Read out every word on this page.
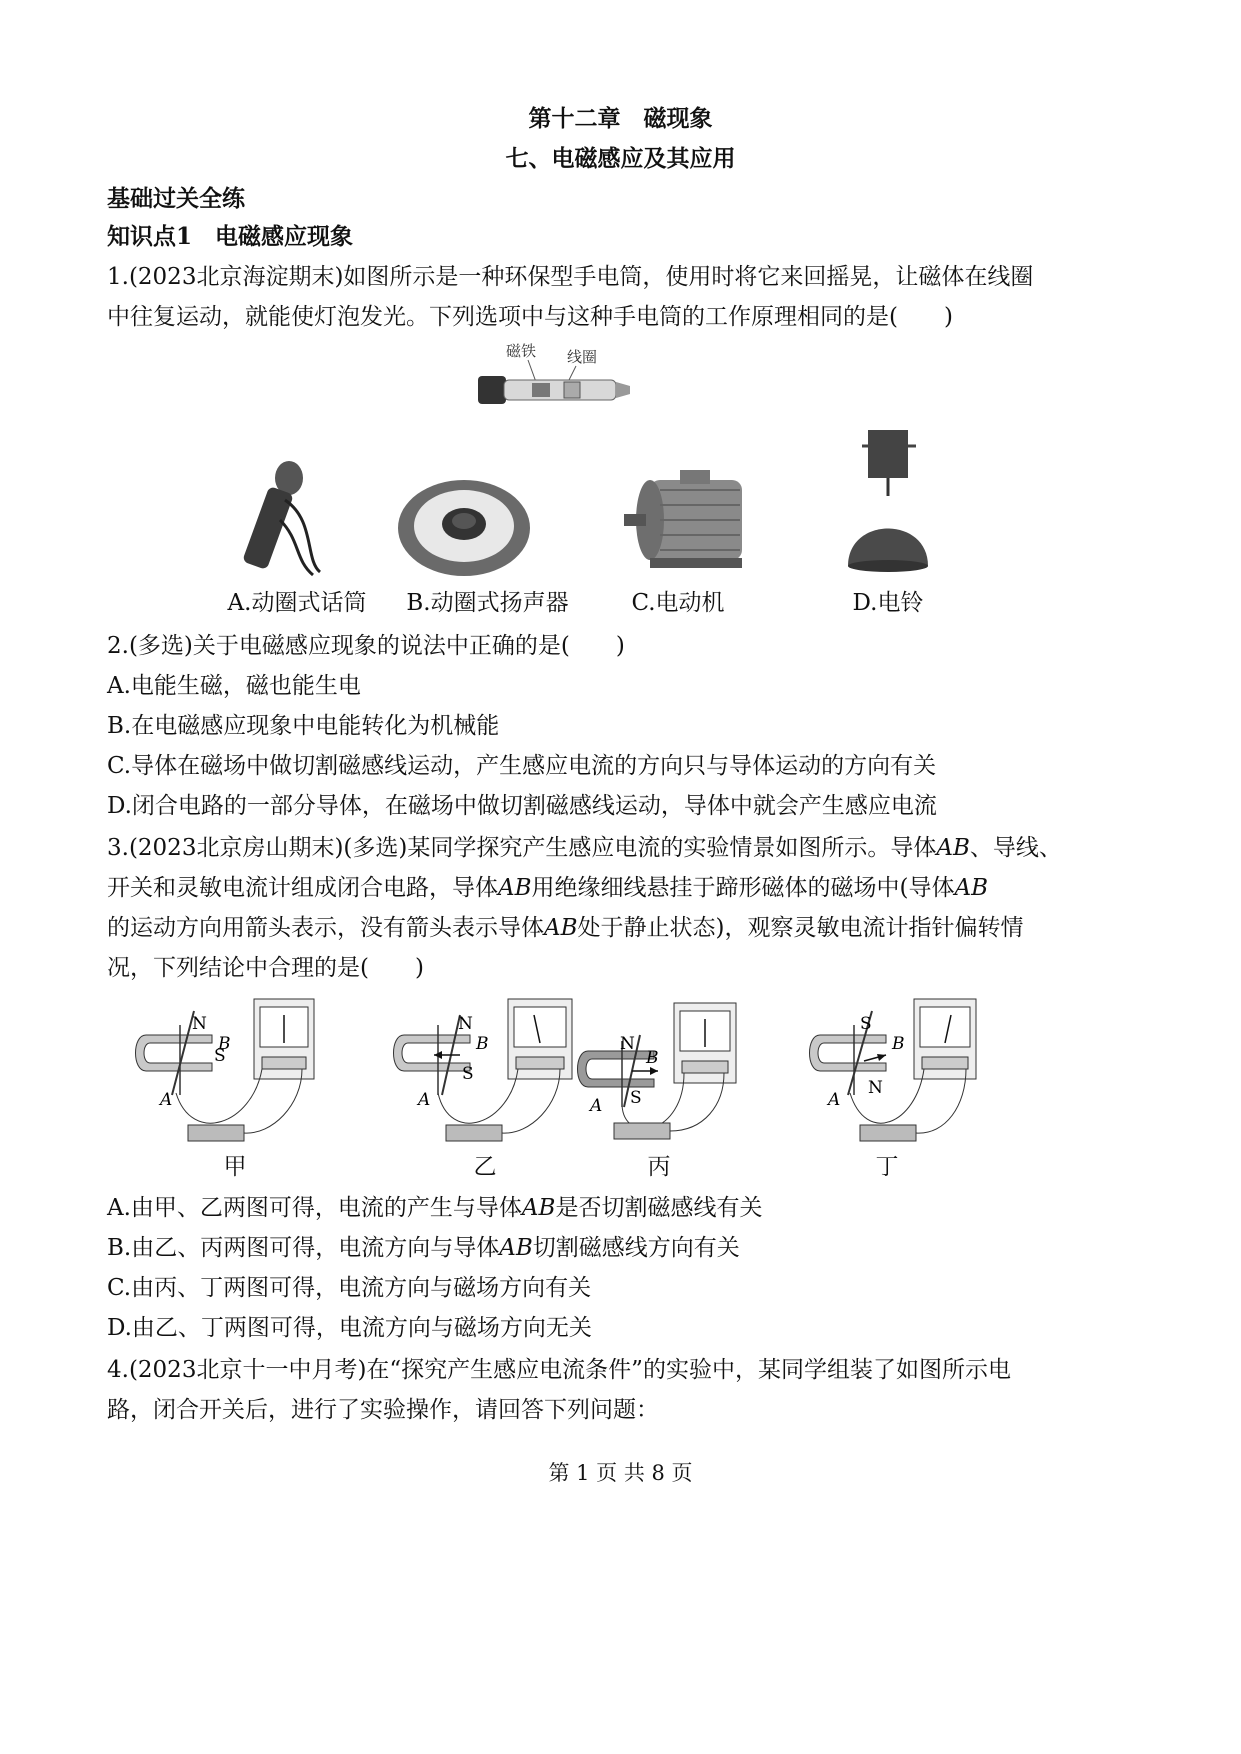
第十二章　磁现象
七、电磁感应及其应用
基础过关全练
知识点1　电磁感应现象
1.(2023北京海淀期末)如图所示是一种环保型手电筒，使用时将它来回摇晃，让磁体在线圈
中往复运动，就能使灯泡发光。下列选项中与这种手电筒的工作原理相同的是(　　)
磁铁 线圈
A.动圈式话筒 B.动圈式扬声器	C.电动机	D.电铃
2.(多选)关于电磁感应现象的说法中正确的是(　　)
A.电能生磁，磁也能生电
B.在电磁感应现象中电能转化为机械能
C.导体在磁场中做切割磁感线运动，产生感应电流的方向只与导体运动的方向有关
D.闭合电路的一部分导体，在磁场中做切割磁感线运动，导体中就会产生感应电流
3.(2023北京房山期末)(多选)某同学探究产生感应电流的实验情景如图所示。导体AB、导线、
开关和灵敏电流计组成闭合电路，导体AB用绝缘细线悬挂于蹄形磁体的磁场中(导体AB
的运动方向用箭头表示，没有箭头表示导体AB处于静止状态)，观察灵敏电流计指针偏转情
况，下列结论中合理的是(　　)
N
S
A
B
N
S
A
B	N
S
A
B
S
N
A
B
甲	乙	丙	丁
A.由甲、乙两图可得，电流的产生与导体AB是否切割磁感线有关
B.由乙、丙两图可得，电流方向与导体AB切割磁感线方向有关
C.由丙、丁两图可得，电流方向与磁场方向有关
D.由乙、丁两图可得，电流方向与磁场方向无关
4.(2023北京十一中月考)在“探究产生感应电流条件”的实验中，某同学组装了如图所示电
路，闭合开关后，进行了实验操作，请回答下列问题：
第 1 页 共 8 页
